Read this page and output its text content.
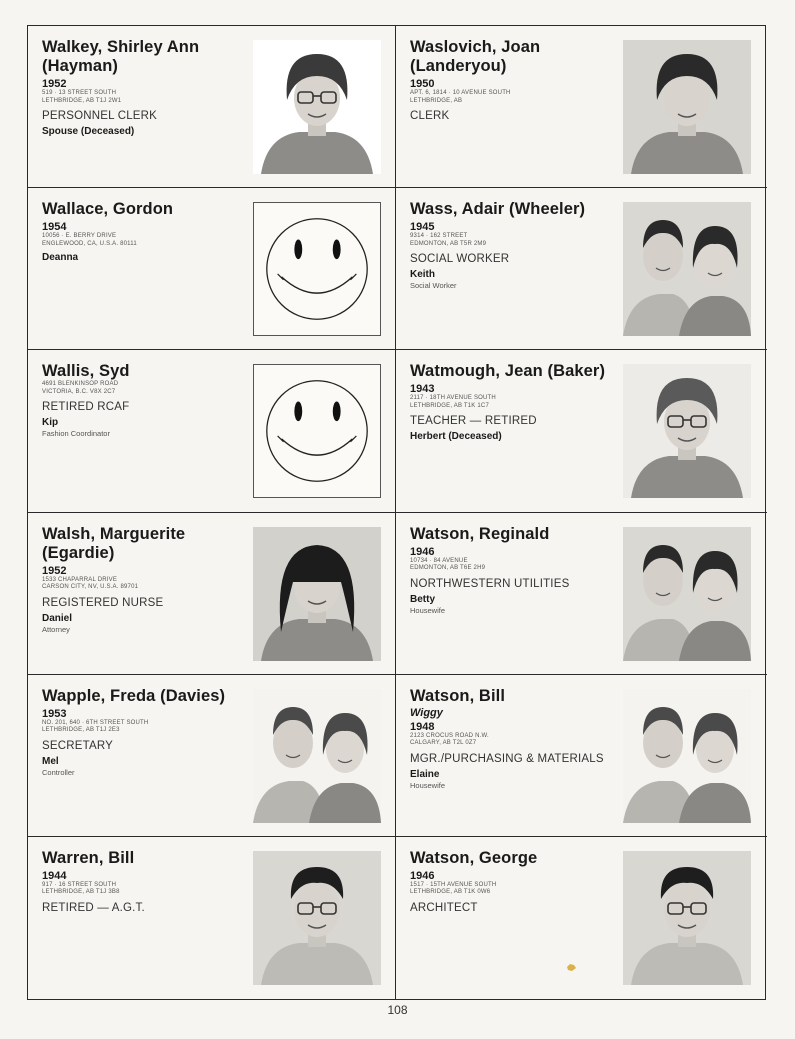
Walkey, Shirley Ann (Hayman)
1952
519 · 13 STREET SOUTH
LETHBRIDGE, AB T1J 2W1
PERSONNEL CLERK
Spouse (Deceased)
Waslovich, Joan (Landeryou)
1950
APT. 6, 1814 · 10 AVENUE SOUTH
LETHBRIDGE, AB
CLERK
Wallace, Gordon
1954
10056 · E. BERRY DRIVE
ENGLEWOOD, CA, U.S.A. 80111
Deanna
Wass, Adair (Wheeler)
1945
9314 · 162 STREET
EDMONTON, AB T5R 2M9
SOCIAL WORKER
Keith
Social Worker
Wallis, Syd
4691 BLENKINSOP ROAD
VICTORIA, B.C. V8X 2C7
RETIRED RCAF
Kip
Fashion Coordinator
Watmough, Jean (Baker)
1943
2117 · 18TH AVENUE SOUTH
LETHBRIDGE, AB T1K 1C7
TEACHER — RETIRED
Herbert (Deceased)
Walsh, Marguerite (Egardie)
1952
1533 CHAPARRAL DRIVE
CARSON CITY, NV, U.S.A. 89701
REGISTERED NURSE
Daniel
Attorney
Watson, Reginald
1946
10734 · 84 AVENUE
EDMONTON, AB T6E 2H9
NORTHWESTERN UTILITIES
Betty
Housewife
Wapple, Freda (Davies)
1953
NO. 201, 640 · 6TH STREET SOUTH
LETHBRIDGE, AB T1J 2E3
SECRETARY
Mel
Controller
Watson, Bill
Wiggy
1948
2123 CROCUS ROAD N.W.
CALGARY, AB T2L 0Z7
MGR./PURCHASING & MATERIALS
Elaine
Housewife
Warren, Bill
1944
917 · 16 STREET SOUTH
LETHBRIDGE, AB T1J 3B8
RETIRED — A.G.T.
Watson, George
1946
1517 · 15TH AVENUE SOUTH
LETHBRIDGE, AB T1K 0W6
ARCHITECT
108
